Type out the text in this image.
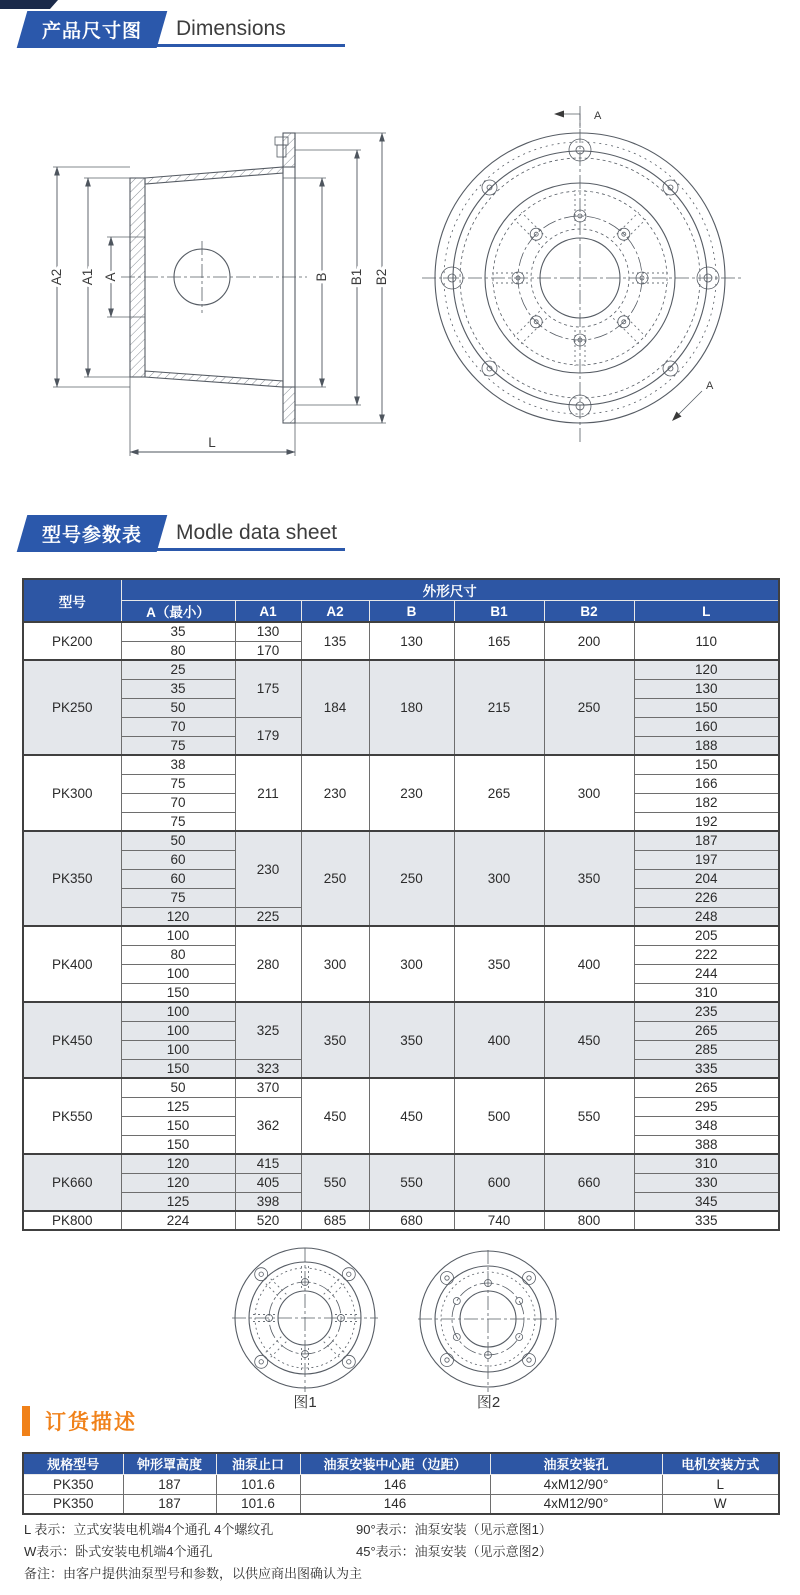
产品尺寸图 Dimensions
A2 A1 A	B B1 B2
L
A
A
型号参数表 Modle data sheet
型号	外形尺寸						
	A（最小）	A1	A2	B	B1	B2	L
PK200	35	130	135	130	165	200	110
	80	170					
PK250	25	175	184	180	215	250	120
	35						130
	50						150
	70	179					160
	75						188
PK300	38	211	230	230	265	300	150
	75						166
	70						182
	75						192
PK350	50	230	250	250	300	350	187
	60						197
	60						204
	75						226
	120	225					248
PK400	100	280	300	300	350	400	205
	80						222
	100						244
	150						310
PK450	100	325	350	350	400	450	235
	100						265
	100						285
	150	323					335
PK550	50	370	450	450	500	550	265
	125	362					295
	150						348
	150						388
PK660	120	415	550	550	600	660	310
	120	405					330
	125	398					345
PK800	224	520	685	680	740	800	335
图1	图2
订货描述
规格型号	钟形罩高度	油泵止口	油泵安装中心距（边距）	油泵安装孔	电机安装方式
PK350	187	101.6	146	4xM12/90°	L
PK350	187	101.6	146	4xM12/90°	W
L 表示：立式安装电机端4个通孔 4个螺纹孔	90°表示：油泵安装（见示意图1）
W表示：卧式安装电机端4个通孔	45°表示：油泵安装（见示意图2）
备注：由客户提供油泵型号和参数，以供应商出图确认为主
